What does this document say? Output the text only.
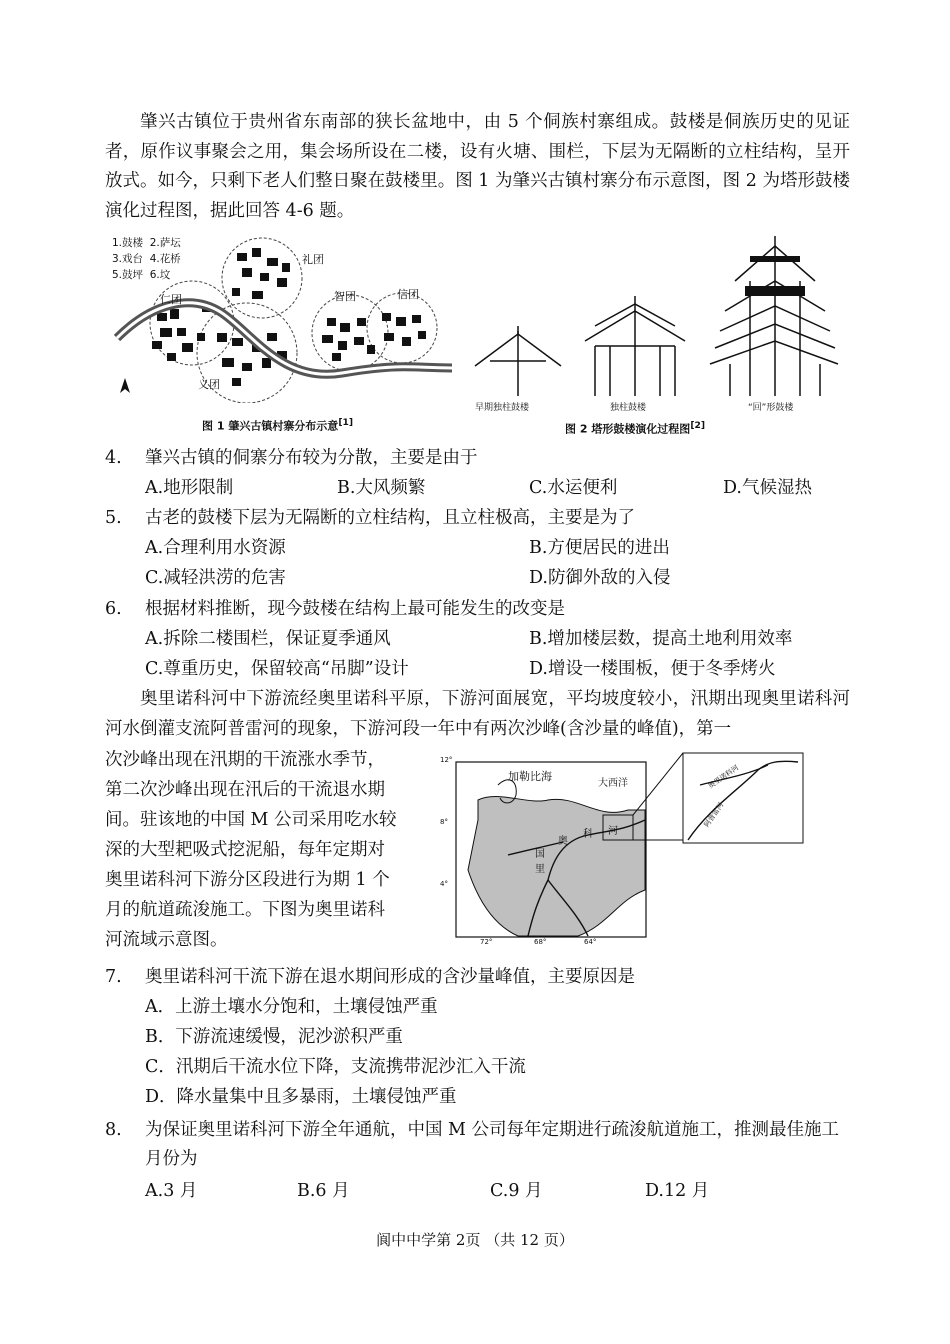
肇兴古镇位于贵州省东南部的狭长盆地中，由 5 个侗族村寨组成。鼓楼是侗族历史的见证者，原作议事聚会之用，集会场所设在二楼，设有火塘、围栏，下层为无隔断的立柱结构，呈开放式。如今，只剩下老人们整日聚在鼓楼里。图 1 为肇兴古镇村寨分布示意图，图 2 为塔形鼓楼演化过程图，据此回答 4-6 题。
1.鼓楼  2.萨坛
3.戏台  4.花桥
5.鼓坪  6.坟
礼团
仁团	智团	信团
义团
图 1 肇兴古镇村寨分布示意[1]
早期独柱鼓楼	独柱鼓楼	“回”形鼓楼
图 2 塔形鼓楼演化过程图[2]
4. 肇兴古镇的侗寨分布较为分散，主要是由于
A.地形限制	B.大风频繁	C.水运便利	D.气候湿热
5. 古老的鼓楼下层为无隔断的立柱结构，且立柱极高，主要是为了
A.合理利用水资源	B.方便居民的进出
C.减轻洪涝的危害	D.防御外敌的入侵
6. 根据材料推断，现今鼓楼在结构上最可能发生的改变是
A.拆除二楼围栏，保证夏季通风	B.增加楼层数，提高土地利用效率
C.尊重历史，保留较高“吊脚”设计	D.增设一楼围板，便于冬季烤火
奥里诺科河中下游流经奥里诺科平原，下游河面展宽，平均坡度较小，汛期出现奥里诺科河河水倒灌支流阿普雷河的现象，下游河段一年中有两次沙峰(含沙量的峰值)，第一
次沙峰出现在汛期的干流涨水季节，
第二次沙峰出现在汛后的干流退水期
间。驻该地的中国 M 公司采用吃水较
深的大型耙吸式挖泥船，每年定期对
奥里诺科河下游分区段进行为期 1 个
月的航道疏浚施工。下图为奥里诺科
河流域示意图。
加勒比海
大西洋
奥
科 河
国
里
12°
8°
4°
72°	68°	64°
奥里诺科河
阿普雷河
7. 奥里诺科河干流下游在退水期间形成的含沙量峰值，主要原因是
A．上游土壤水分饱和，土壤侵蚀严重
B．下游流速缓慢，泥沙淤积严重
C．汛期后干流水位下降，支流携带泥沙汇入干流
D．降水量集中且多暴雨，土壤侵蚀严重
8. 为保证奥里诺科河下游全年通航，中国 M 公司每年定期进行疏浚航道施工，推测最佳施工月份为
A.3 月	B.6 月	C.9 月	D.12 月
阆中中学第 2页 （共 12 页）
